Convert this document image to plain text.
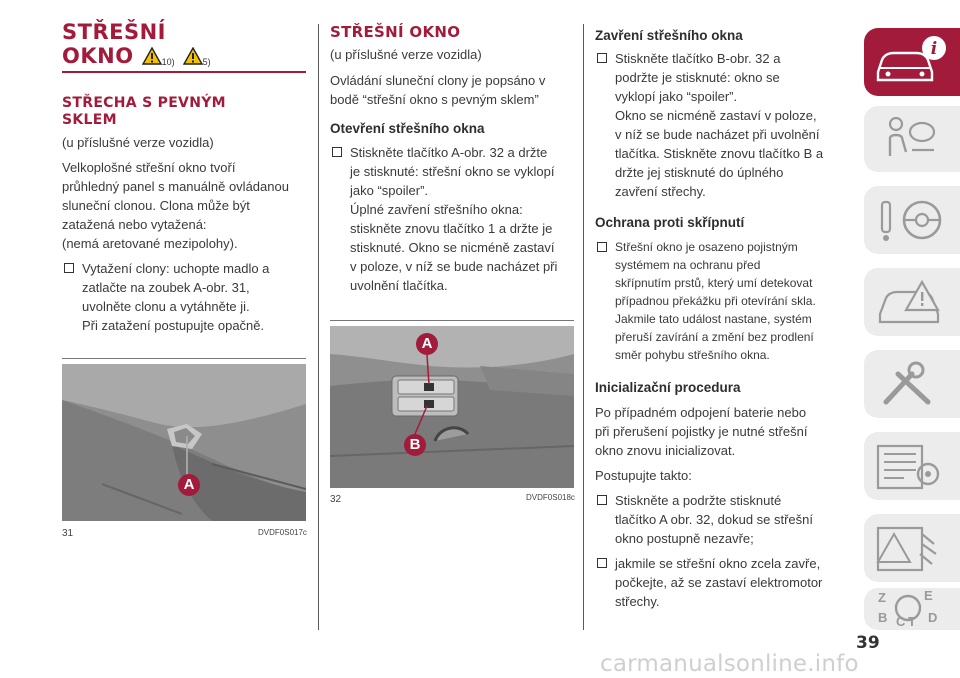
STŘEŠNÍ
OKNO	$_{10)}$	$_{5)}$
STŘECHA S PEVNÝM
SKLEM

(u příslušné verze vozidla)

Velkoplošné střešní okno tvoří

průhledný panel s manuálně ovládanou

sluneční clonou. Clona může být

zatažená nebo vytažená:

(nemá aretované mezipolohy).

Vytažení clony: uchopte madlo a

zatlačte na zoubek A-obr. 31,

uvolněte clonu a vytáhněte ji.

Při zatažení postupujte opačně.

A
31	DVDF0S017c
STŘEŠNÍ OKNO

(u příslušné verze vozidla)

Ovládání sluneční clony je popsáno v

bodě “střešní okno s pevným sklem”

Otevření střešního okna

Stiskněte tlačítko A-obr. 32 a držte

je stisknuté: střešní okno se vyklopí

jako “spoiler”.

Úplné zavření střešního okna:

stiskněte znovu tlačítko 1 a držte je

stisknuté. Okno se nicméně zastaví

v poloze, v níž se bude nacházet při

uvolnění tlačítka.

A
B
32	DVDF0S018c
Zavření střešního okna

Stiskněte tlačítko B-obr. 32 a

podržte je stisknuté: okno se

vyklopí jako “spoiler”.

Okno se nicméně zastaví v poloze,

v níž se bude nacházet při uvolnění

tlačítka. Stiskněte znovu tlačítko B a

držte jej stisknuté do úplného

zavření střechy.

Ochrana proti skřípnutí

Střešní okno je osazeno pojistným

systémem na ochranu před

skřípnutím prstů, který umí detekovat

případnou překážku při otevírání skla.

Jakmile tato událost nastane, systém

přeruší zavírání a změní bez prodlení

směr pohybu střešního okna.

Inicializační procedura

Po případném odpojení baterie nebo

při přerušení pojistky je nutné střešní

okno znovu inicializovat.

Postupujte takto:

Stiskněte a podržte stisknuté

tlačítko A obr. 32, dokud se střešní

okno postupně nezavře;

jakmile se střešní okno zcela zavře,

počkejte, až se zastaví elektromotor

střechy.

i
Z	E
B C D
T
39
carmanualsonline.info
